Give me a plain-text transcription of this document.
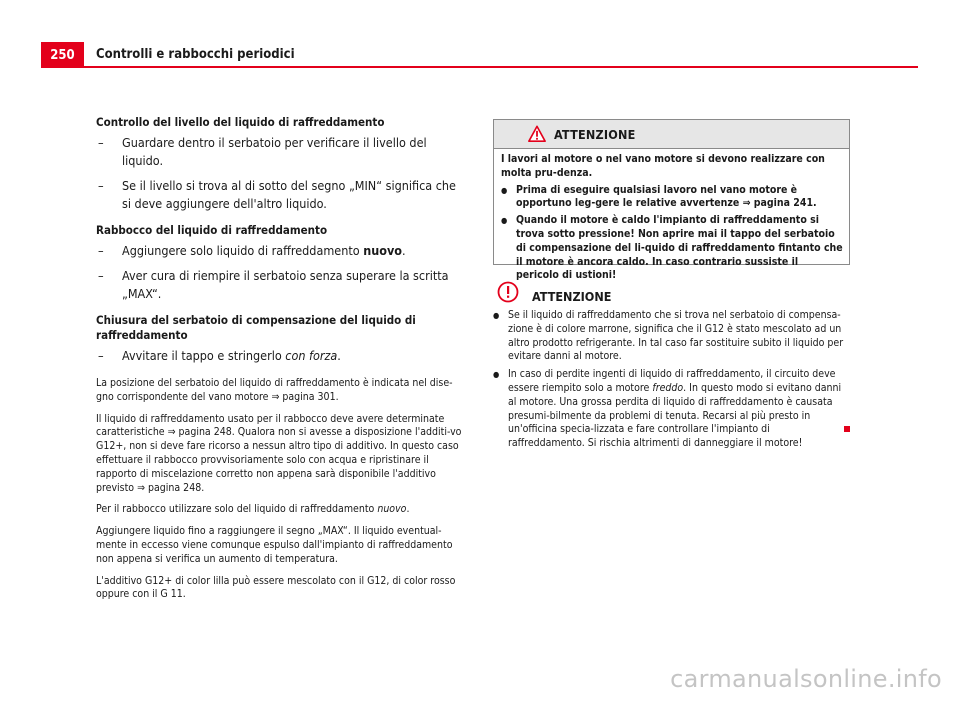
250	Controlli e rabbocchi periodici
Controllo del livello del liquido di raffreddamento
– Guardare dentro il serbatoio per verificare il livello del liquido.
– Se il livello si trova al di sotto del segno „MIN“ significa che si deve aggiungere dell'altro liquido.
Rabbocco del liquido di raffreddamento
– Aggiungere solo liquido di raffreddamento nuovo.
– Aver cura di riempire il serbatoio senza superare la scritta „MAX“.
Chiusura del serbatoio di compensazione del liquido di raffreddamento
– Avvitare il tappo e stringerlo con forza.

La posizione del serbatoio del liquido di raffreddamento è indicata nel dise-gno corrispondente del vano motore ⇒ pagina 301.

Il liquido di raffreddamento usato per il rabbocco deve avere determinate caratteristiche ⇒ pagina 248. Qualora non si avesse a disposizione l'additi-vo G12+, non si deve fare ricorso a nessun altro tipo di additivo. In questo caso effettuare il rabbocco provvisoriamente solo con acqua e ripristinare il rapporto di miscelazione corretto non appena sarà disponibile l'additivo previsto ⇒ pagina 248.

Per il rabbocco utilizzare solo del liquido di raffreddamento nuovo.

Aggiungere liquido fino a raggiungere il segno „MAX“. Il liquido eventual-mente in eccesso viene comunque espulso dall'impianto di raffreddamento non appena si verifica un aumento di temperatura.

L'additivo G12+ di color lilla può essere mescolato con il G12, di color rosso oppure con il G 11.

ATTENZIONE

I lavori al motore o nel vano motore si devono realizzare con molta pru-denza.

● Prima di eseguire qualsiasi lavoro nel vano motore è opportuno leg-gere le relative avvertenze ⇒ pagina 241.

● Quando il motore è caldo l'impianto di raffreddamento si trova sotto pressione! Non aprire mai il tappo del serbatoio di compensazione del li-quido di raffreddamento fintanto che il motore è ancora caldo. In caso contrario sussiste il pericolo di ustioni!

ATTENZIONE

● Se il liquido di raffreddamento che si trova nel serbatoio di compensa-zione è di colore marrone, significa che il G12 è stato mescolato ad un altro prodotto refrigerante. In tal caso far sostituire subito il liquido per evitare danni al motore.

● In caso di perdite ingenti di liquido di raffreddamento, il circuito deve essere riempito solo a motore freddo. In questo modo si evitano danni al motore. Una grossa perdita di liquido di raffreddamento è causata presumi-bilmente da problemi di tenuta. Recarsi al più presto in un'officina specia-lizzata e fare controllare l'impianto di raffreddamento. Si rischia altrimenti di danneggiare il motore!

carmanualsonline.info
